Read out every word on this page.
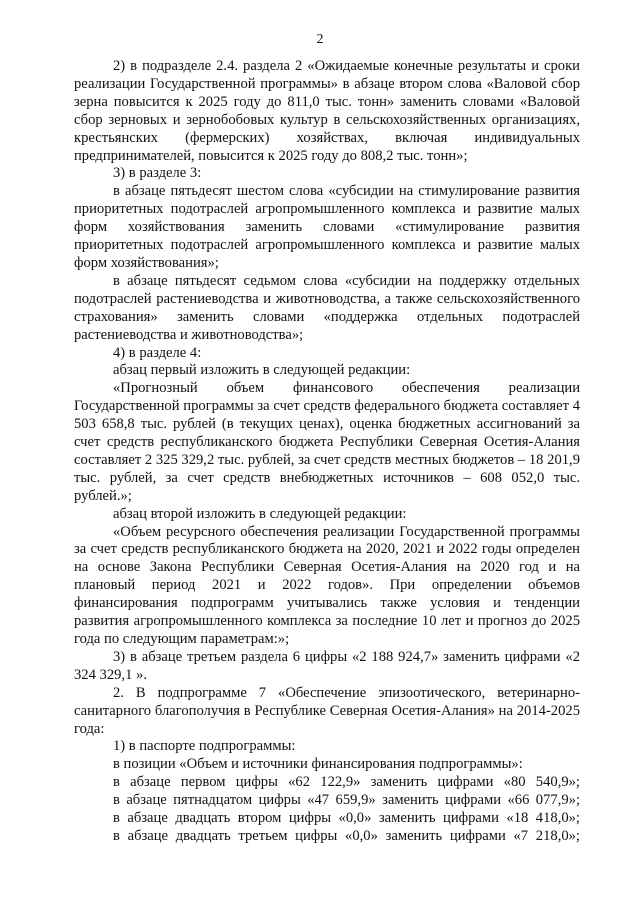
2

2) в подразделе 2.4. раздела 2 «Ожидаемые конечные результаты и сроки реализации Государственной программы» в абзаце втором слова «Валовой сбор зерна повысится к 2025 году до 811,0 тыс. тонн» заменить словами «Валовой сбор зерновых и зернобобовых культур в сельскохозяйственных организациях, крестьянских (фермерских) хозяйствах, включая индивидуальных предпринимателей, повысится к 2025 году до 808,2 тыс. тонн»;

3) в разделе 3:

в абзаце пятьдесят шестом слова «субсидии на стимулирование развития приоритетных подотраслей агропромышленного комплекса и развитие малых форм хозяйствования заменить словами «стимулирование развития приоритетных подотраслей агропромышленного комплекса и развитие малых форм хозяйствования»;

в абзаце пятьдесят седьмом слова «субсидии на поддержку отдельных подотраслей растениеводства и животноводства, а также сельскохозяйственного страхования» заменить словами «поддержка отдельных подотраслей растениеводства и животноводства»;

4) в разделе 4:

абзац первый изложить в следующей редакции:

«Прогнозный объем финансового обеспечения реализации Государственной программы за счет средств федерального бюджета составляет 4 503 658,8 тыс. рублей (в текущих ценах), оценка бюджетных ассигнований за счет средств республиканского бюджета Республики Северная Осетия-Алания составляет 2 325 329,2 тыс. рублей, за счет средств местных бюджетов – 18 201,9 тыс. рублей, за счет средств внебюджетных источников – 608 052,0 тыс. рублей.»;

абзац второй изложить в следующей редакции:

«Объем ресурсного обеспечения реализации Государственной программы за счет средств республиканского бюджета на 2020, 2021 и 2022 годы определен на основе Закона Республики Северная Осетия-Алания на 2020 год и на плановый период 2021 и 2022 годов». При определении объемов финансирования подпрограмм учитывались также условия и тенденции развития агропромышленного комплекса за последние 10 лет и прогноз до 2025 года по следующим параметрам:»;

3) в абзаце третьем раздела 6 цифры «2 188 924,7» заменить цифрами «2 324 329,1 ».

2. В подпрограмме 7 «Обеспечение эпизоотического, ветеринарно-санитарного благополучия в Республике Северная Осетия-Алания» на 2014-2025 года:

1) в паспорте подпрограммы:

в позиции «Объем и источники финансирования подпрограммы»:

в абзаце первом цифры «62 122,9» заменить цифрами «80 540,9»;

в абзаце пятнадцатом цифры «47 659,9» заменить цифрами «66 077,9»;

в абзаце двадцать втором цифры «0,0» заменить цифрами «18 418,0»;

в абзаце двадцать третьем цифры «0,0» заменить цифрами «7 218,0»;
